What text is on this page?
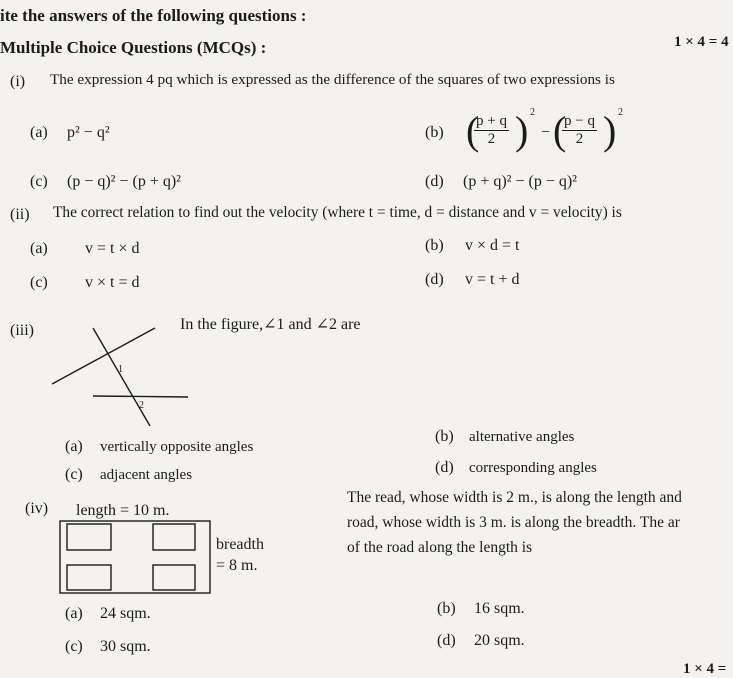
ite the answers of the following questions :
Multiple Choice Questions (MCQs) :	1 × 4 = 4
(i) The expression 4 pq which is expressed as the difference of the squares of two expressions is
(a) p² − q²	(b) (
$\frac{p + q}{2}$ ) 2
− (
$\frac{p - q}{2}$ ) 2
(c) (p − q)² − (p + q)²	(d) (p + q)² − (p − q)²
(ii) The correct relation to find out the velocity (where t = time, d = distance and v = velocity) is
(a) v = t × d	(b) v × d = t
(c) v × t = d	(d) v = t + d
(iii)	In the figure,∠1 and ∠2 are
1
2
(a) vertically opposite angles
(b) alternative angles
(c) adjacent angles	(d) corresponding angles
(iv) length = 10 m.
breadth
= 8 m.
The read, whose width is 2 m., is along the length and
road, whose width is 3 m. is along the breadth. The ar
of the road along the length is
(a) 24 sqm.	(b) 16 sqm.
(c) 30 sqm.	(d) 20 sqm.
1 × 4 =
